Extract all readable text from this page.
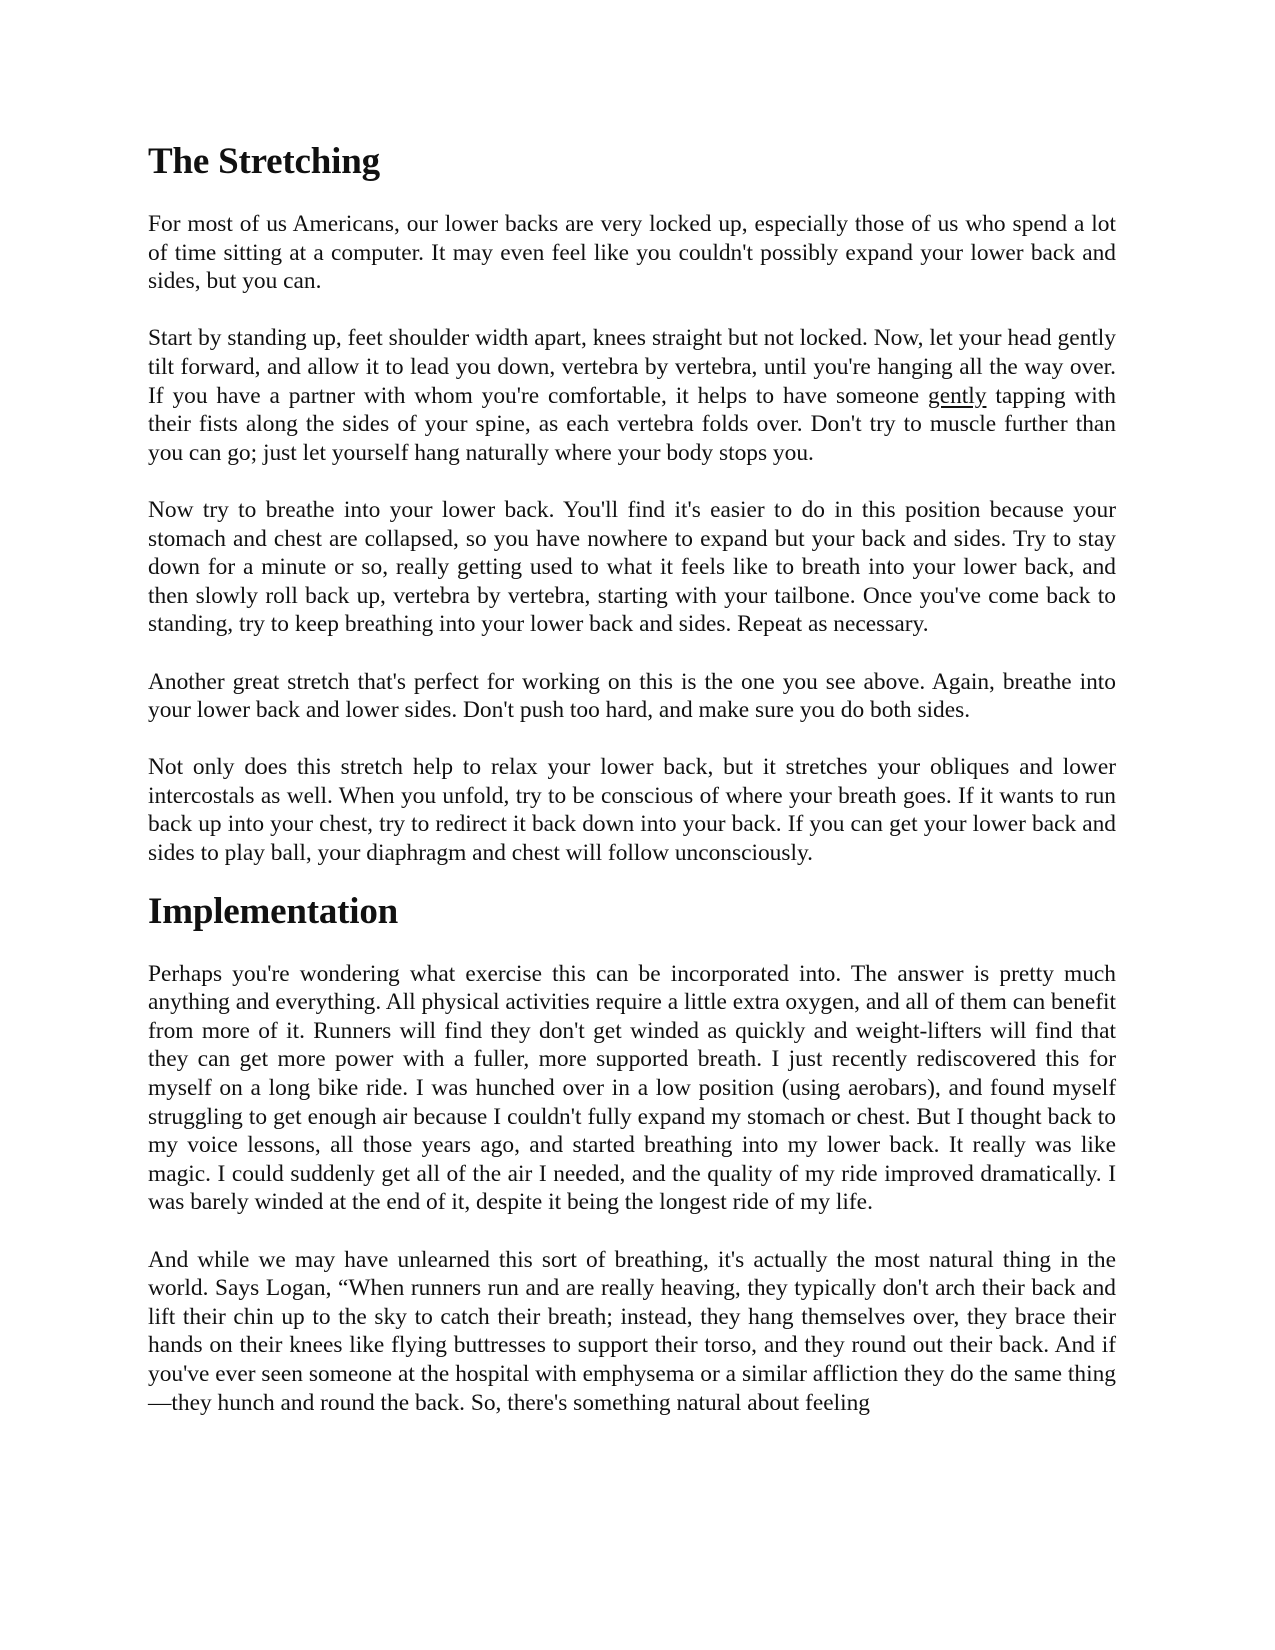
The Stretching

For most of us Americans, our lower backs are very locked up, especially those of us who spend a lot of time sitting at a computer. It may even feel like you couldn't possibly expand your lower back and sides, but you can.

Start by standing up, feet shoulder width apart, knees straight but not locked. Now, let your head gently tilt forward, and allow it to lead you down, vertebra by vertebra, until you're hanging all the way over. If you have a partner with whom you're comfortable, it helps to have someone gently tapping with their fists along the sides of your spine, as each vertebra folds over. Don't try to muscle further than you can go; just let yourself hang naturally where your body stops you.

Now try to breathe into your lower back. You'll find it's easier to do in this position because your stomach and chest are collapsed, so you have nowhere to expand but your back and sides. Try to stay down for a minute or so, really getting used to what it feels like to breath into your lower back, and then slowly roll back up, vertebra by vertebra, starting with your tailbone. Once you've come back to standing, try to keep breathing into your lower back and sides. Repeat as necessary.

Another great stretch that's perfect for working on this is the one you see above. Again, breathe into your lower back and lower sides. Don't push too hard, and make sure you do both sides.

Not only does this stretch help to relax your lower back, but it stretches your obliques and lower intercostals as well. When you unfold, try to be conscious of where your breath goes. If it wants to run back up into your chest, try to redirect it back down into your back. If you can get your lower back and sides to play ball, your diaphragm and chest will follow unconsciously.

Implementation

Perhaps you're wondering what exercise this can be incorporated into. The answer is pretty much anything and everything. All physical activities require a little extra oxygen, and all of them can benefit from more of it. Runners will find they don't get winded as quickly and weight-lifters will find that they can get more power with a fuller, more supported breath. I just recently rediscovered this for myself on a long bike ride. I was hunched over in a low position (using aerobars), and found myself struggling to get enough air because I couldn't fully expand my stomach or chest. But I thought back to my voice lessons, all those years ago, and started breathing into my lower back. It really was like magic. I could suddenly get all of the air I needed, and the quality of my ride improved dramatically. I was barely winded at the end of it, despite it being the longest ride of my life.

And while we may have unlearned this sort of breathing, it's actually the most natural thing in the world. Says Logan, “When runners run and are really heaving, they typically don't arch their back and lift their chin up to the sky to catch their breath; instead, they hang themselves over, they brace their hands on their knees like flying buttresses to support their torso, and they round out their back. And if you've ever seen someone at the hospital with emphysema or a similar affliction they do the same thing—they hunch and round the back. So, there's something natural about feeling
